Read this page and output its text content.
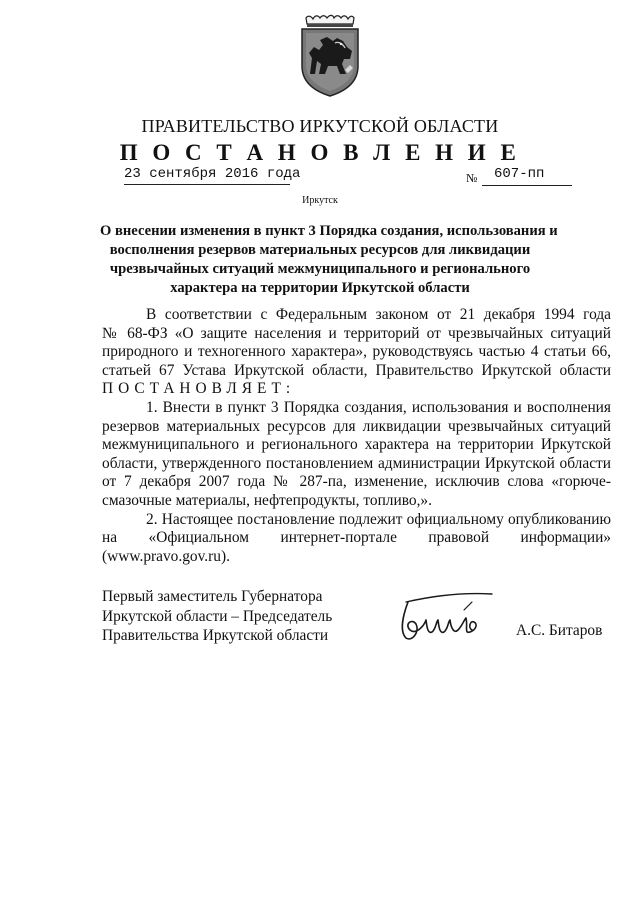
ПРАВИТЕЛЬСТВО ИРКУТСКОЙ ОБЛАСТИ
П О С Т А Н О В Л Е Н И Е
23 сентября 2016 года	№ 607-пп
Иркутск
О внесении изменения в пункт 3 Порядка создания, использования и
восполнения резервов материальных ресурсов для ликвидации
чрезвычайных ситуаций межмуниципального и регионального
характера на территории Иркутской области
В соответствии с Федеральным законом от 21 декабря 1994 года
№ 68-ФЗ «О защите населения и территорий от чрезвычайных ситуаций
природного и техногенного характера», руководствуясь частью 4 статьи 66,
статьей 67 Устава Иркутской области, Правительство Иркутской области
ПОСТАНОВЛЯЕТ:
1. Внести в пункт 3 Порядка создания, использования и восполнения
резервов материальных ресурсов для ликвидации чрезвычайных ситуаций
межмуниципального и регионального характера на территории Иркутской
области, утвержденного постановлением администрации Иркутской области
от 7 декабря 2007 года № 287-па, изменение, исключив слова «горюче-
смазочные материалы, нефтепродукты, топливо,».
2. Настоящее постановление подлежит официальному опубликованию
на «Официальном интернет-портале правовой информации»
(www.pravo.gov.ru).
Первый заместитель Губернатора
Иркутской области – Председатель
Правительства Иркутской области	А.С. Битаров
